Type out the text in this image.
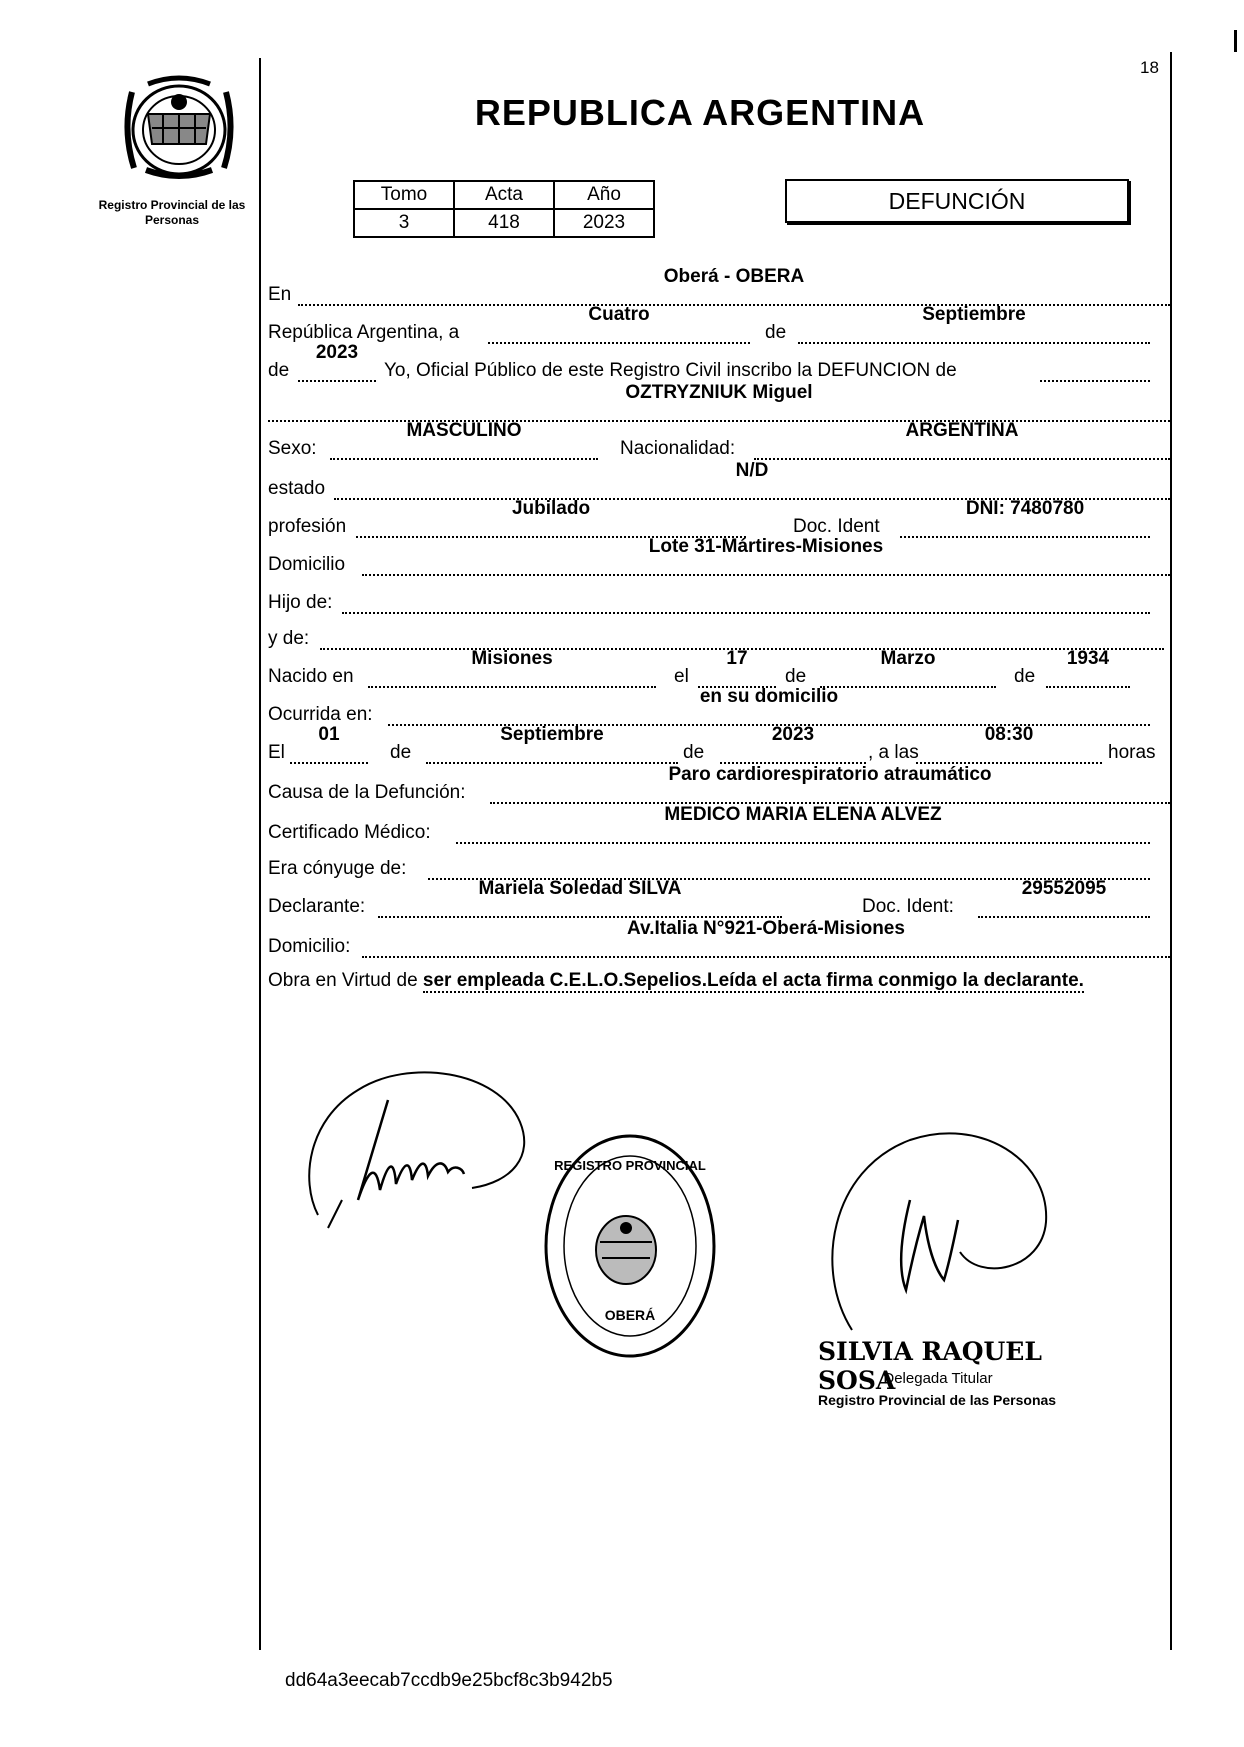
18
Registro Provincial de las Personas
REPUBLICA ARGENTINA
Tomo	Acta	Año
3	418	2023
DEFUNCIÓN
En
Oberá - OBERA
República Argentina, a
Cuatro
de
Septiembre
de
2023
Yo, Oficial Público de este Registro Civil inscribo la DEFUNCION de
OZTRYZNIUK Miguel
Sexo:
MASCULINO
Nacionalidad:
ARGENTINA
estado
N/D
profesión
Jubilado
Doc. Ident
DNI: 7480780
Domicilio
Lote 31-Mártires-Misiones
Hijo de:
y de:
Nacido en
Misiones
el
17
de
Marzo
de
1934
Ocurrida en:
en su domicilio
El
01
de
Septiembre
de
2023
, a las
08:30
horas
Causa de la Defunción:
Paro cardiorespiratorio atraumático
Certificado Médico:
MEDICO MARIA ELENA ALVEZ
Era cónyuge de:
Declarante:
Mariela Soledad SILVA
Doc. Ident:
29552095
Domicilio:
Av.Italia N°921-Oberá-Misiones
Obra en Virtud de ser empleada C.E.L.O.Sepelios.Leída el acta firma conmigo la declarante.
REGISTRO PROVINCIAL
OBERÁ
SILVIA RAQUEL SOSA
Delegada Titular
Registro Provincial de las Personas
dd64a3eecab7ccdb9e25bcf8c3b942b5
